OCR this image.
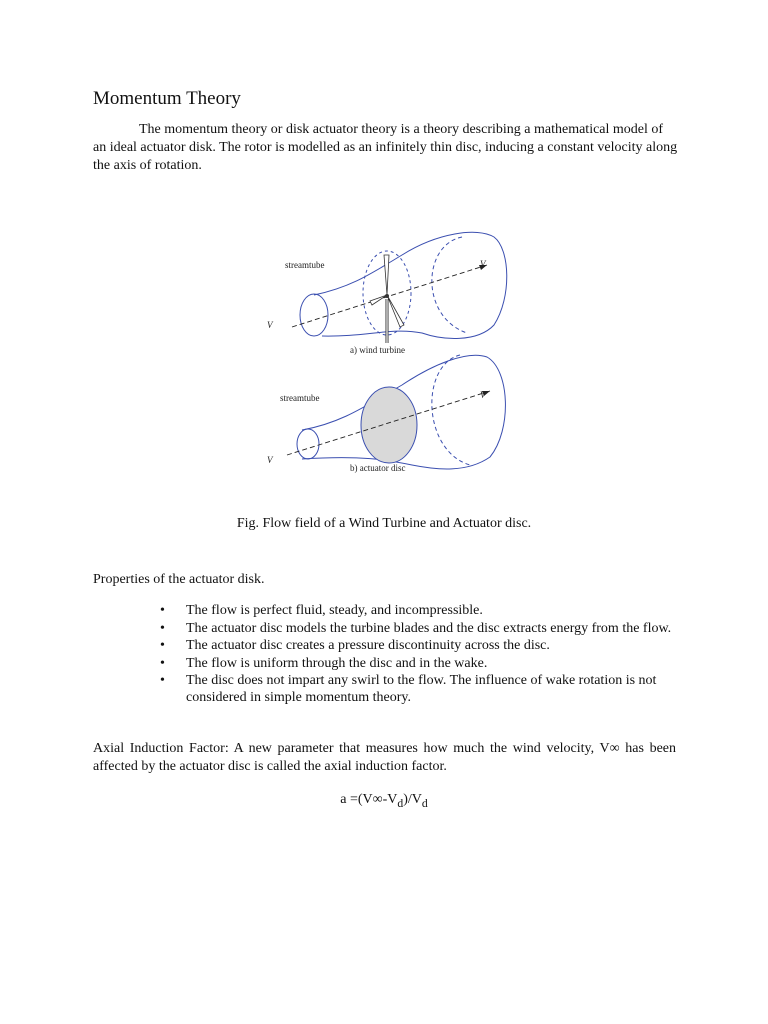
Momentum Theory

The momentum theory or disk actuator theory is a theory describing a mathematical model of an ideal actuator disk. The rotor is modelled as an infinitely thin disc, inducing a constant velocity along the axis of rotation.

streamtube	V
V
a) wind turbine
streamtube	V
V
b) actuator disc

Fig. Flow field of a Wind Turbine and Actuator disc.

Properties of the actuator disk.

•	The flow is perfect fluid, steady, and incompressible.
•	The actuator disc models the turbine blades and the disc extracts energy from the flow.
•	The actuator disc creates a pressure discontinuity across the disc.
•	The flow is uniform through the disc and in the wake.
•	The disc does not impart any swirl to the flow. The influence of wake rotation is not considered in simple momentum theory.

Axial Induction Factor: A new parameter that measures how much the wind velocity, V∞ has been affected by the actuator disc is called the axial induction factor.

$a =(V\infty-V_d)/V_d$
